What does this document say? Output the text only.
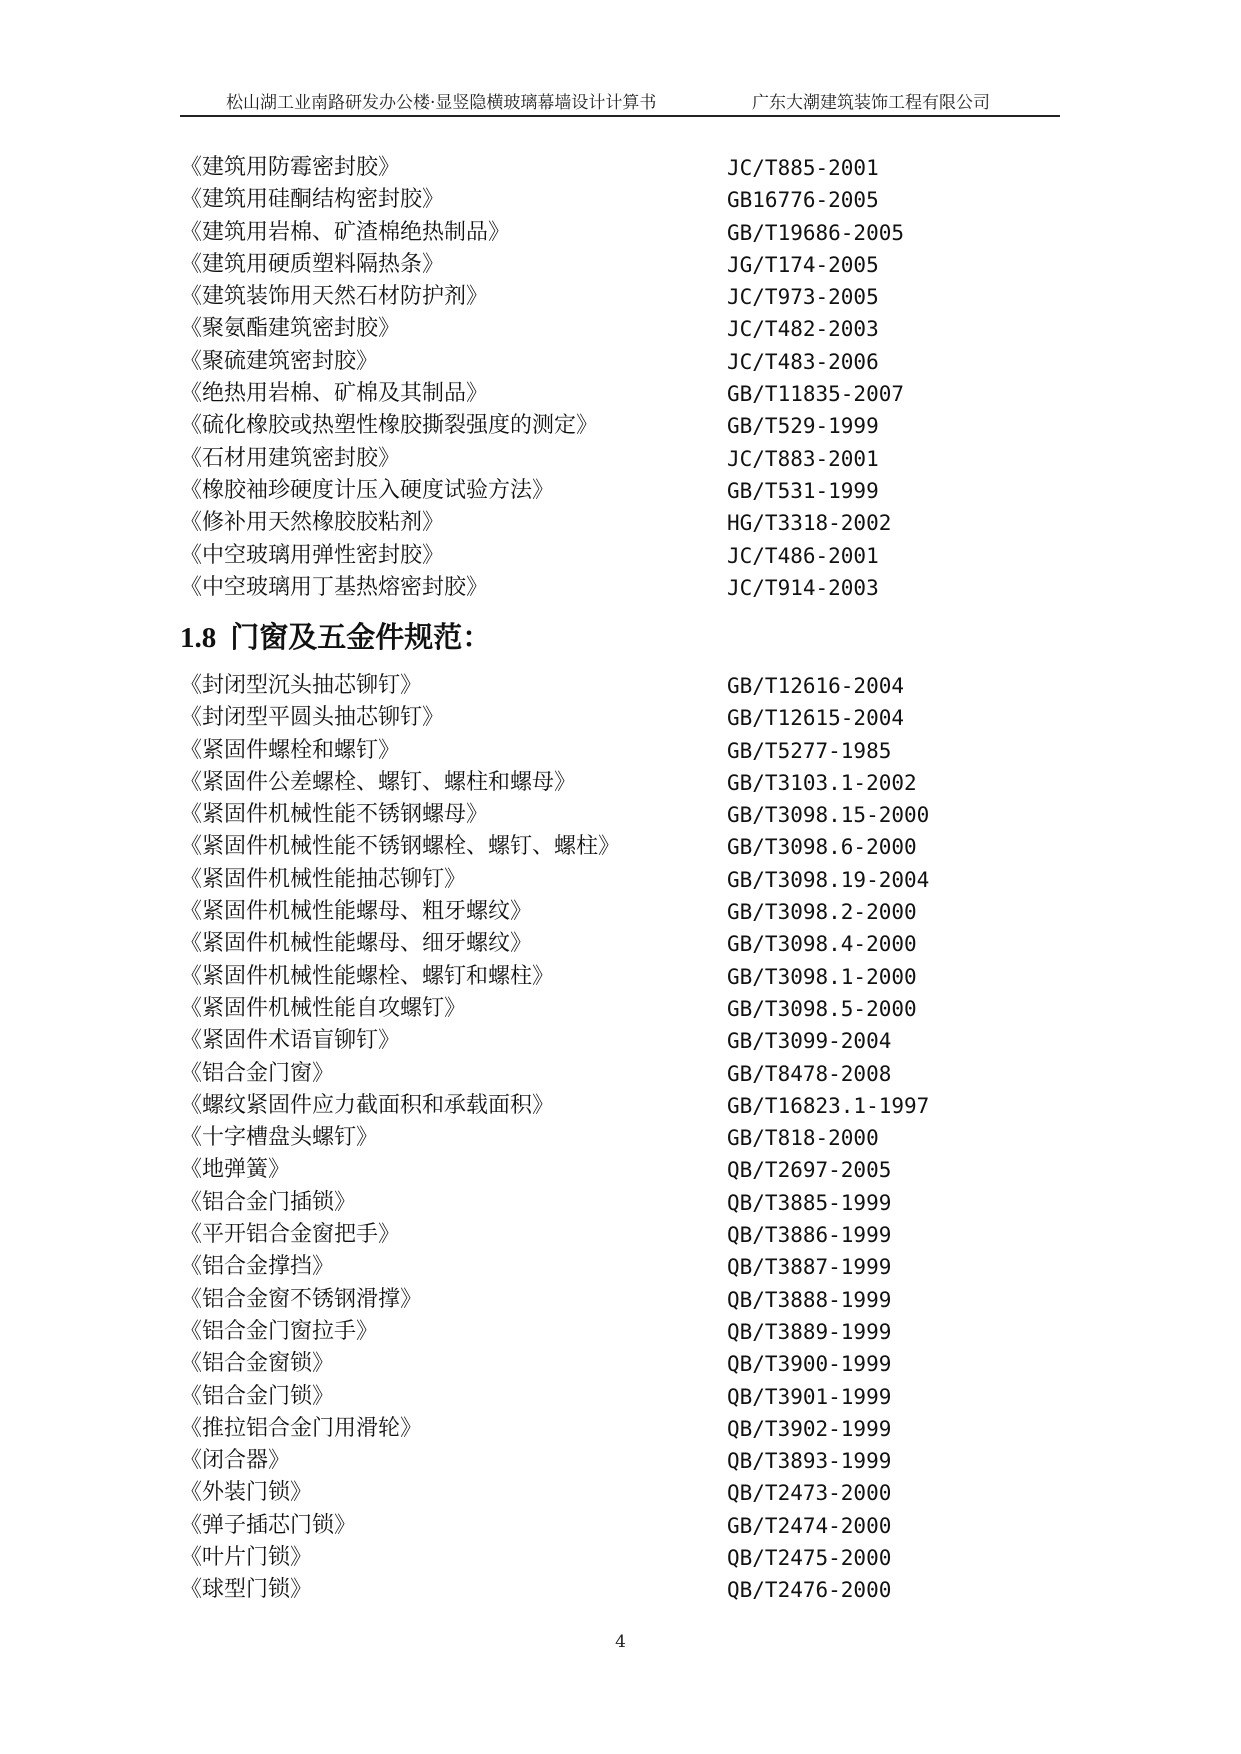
松山湖工业南路研发办公楼·显竖隐横玻璃幕墙设计计算书	广东大潮建筑装饰工程有限公司
《建筑用防霉密封胶》	JC/T885-2001
《建筑用硅酮结构密封胶》	GB16776-2005
《建筑用岩棉、矿渣棉绝热制品》	GB/T19686-2005
《建筑用硬质塑料隔热条》	JG/T174-2005
《建筑装饰用天然石材防护剂》	JC/T973-2005
《聚氨酯建筑密封胶》	JC/T482-2003
《聚硫建筑密封胶》	JC/T483-2006
《绝热用岩棉、矿棉及其制品》	GB/T11835-2007
《硫化橡胶或热塑性橡胶撕裂强度的测定》	GB/T529-1999
《石材用建筑密封胶》	JC/T883-2001
《橡胶袖珍硬度计压入硬度试验方法》	GB/T531-1999
《修补用天然橡胶胶粘剂》	HG/T3318-2002
《中空玻璃用弹性密封胶》	JC/T486-2001
《中空玻璃用丁基热熔密封胶》	JC/T914-2003
1.8 门窗及五金件规范：
《封闭型沉头抽芯铆钉》	GB/T12616-2004
《封闭型平圆头抽芯铆钉》	GB/T12615-2004
《紧固件螺栓和螺钉》	GB/T5277-1985
《紧固件公差螺栓、螺钉、螺柱和螺母》	GB/T3103.1-2002
《紧固件机械性能不锈钢螺母》	GB/T3098.15-2000
《紧固件机械性能不锈钢螺栓、螺钉、螺柱》	GB/T3098.6-2000
《紧固件机械性能抽芯铆钉》	GB/T3098.19-2004
《紧固件机械性能螺母、粗牙螺纹》	GB/T3098.2-2000
《紧固件机械性能螺母、细牙螺纹》	GB/T3098.4-2000
《紧固件机械性能螺栓、螺钉和螺柱》	GB/T3098.1-2000
《紧固件机械性能自攻螺钉》	GB/T3098.5-2000
《紧固件术语盲铆钉》	GB/T3099-2004
《铝合金门窗》	GB/T8478-2008
《螺纹紧固件应力截面积和承载面积》	GB/T16823.1-1997
《十字槽盘头螺钉》	GB/T818-2000
《地弹簧》	QB/T2697-2005
《铝合金门插锁》	QB/T3885-1999
《平开铝合金窗把手》	QB/T3886-1999
《铝合金撑挡》	QB/T3887-1999
《铝合金窗不锈钢滑撑》	QB/T3888-1999
《铝合金门窗拉手》	QB/T3889-1999
《铝合金窗锁》	QB/T3900-1999
《铝合金门锁》	QB/T3901-1999
《推拉铝合金门用滑轮》	QB/T3902-1999
《闭合器》	QB/T3893-1999
《外装门锁》	QB/T2473-2000
《弹子插芯门锁》	GB/T2474-2000
《叶片门锁》	QB/T2475-2000
《球型门锁》	QB/T2476-2000
4
